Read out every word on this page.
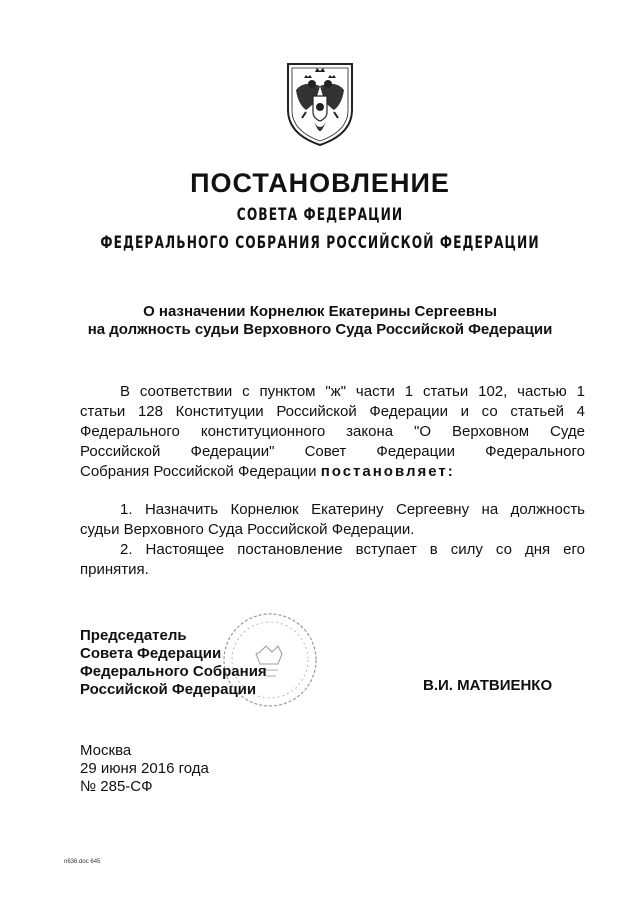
ПОСТАНОВЛЕНИЕ
СОВЕТА ФЕДЕРАЦИИ
ФЕДЕРАЛЬНОГО СОБРАНИЯ РОССИЙСКОЙ ФЕДЕРАЦИИ
О назначении Корнелюк Екатерины Сергеевны
на должность судьи Верховного Суда Российской Федерации
В соответствии с пунктом "ж" части 1 статьи 102, частью 1
статьи 128 Конституции Российской Федерации и со статьей 4
Федерального конституционного закона "О Верховном Суде
Российской Федерации" Совет Федерации Федерального
Собрания Российской Федерации постановляет:
1. Назначить Корнелюк Екатерину Сергеевну на должность
судьи Верховного Суда Российской Федерации.
2. Настоящее постановление вступает в силу со дня его
принятия.
Председатель
Совета Федерации
Федерального Собрания
Российской Федерации	В.И. МАТВИЕНКО
Москва
29 июня 2016 года
№ 285-СФ
n636.doc 645
